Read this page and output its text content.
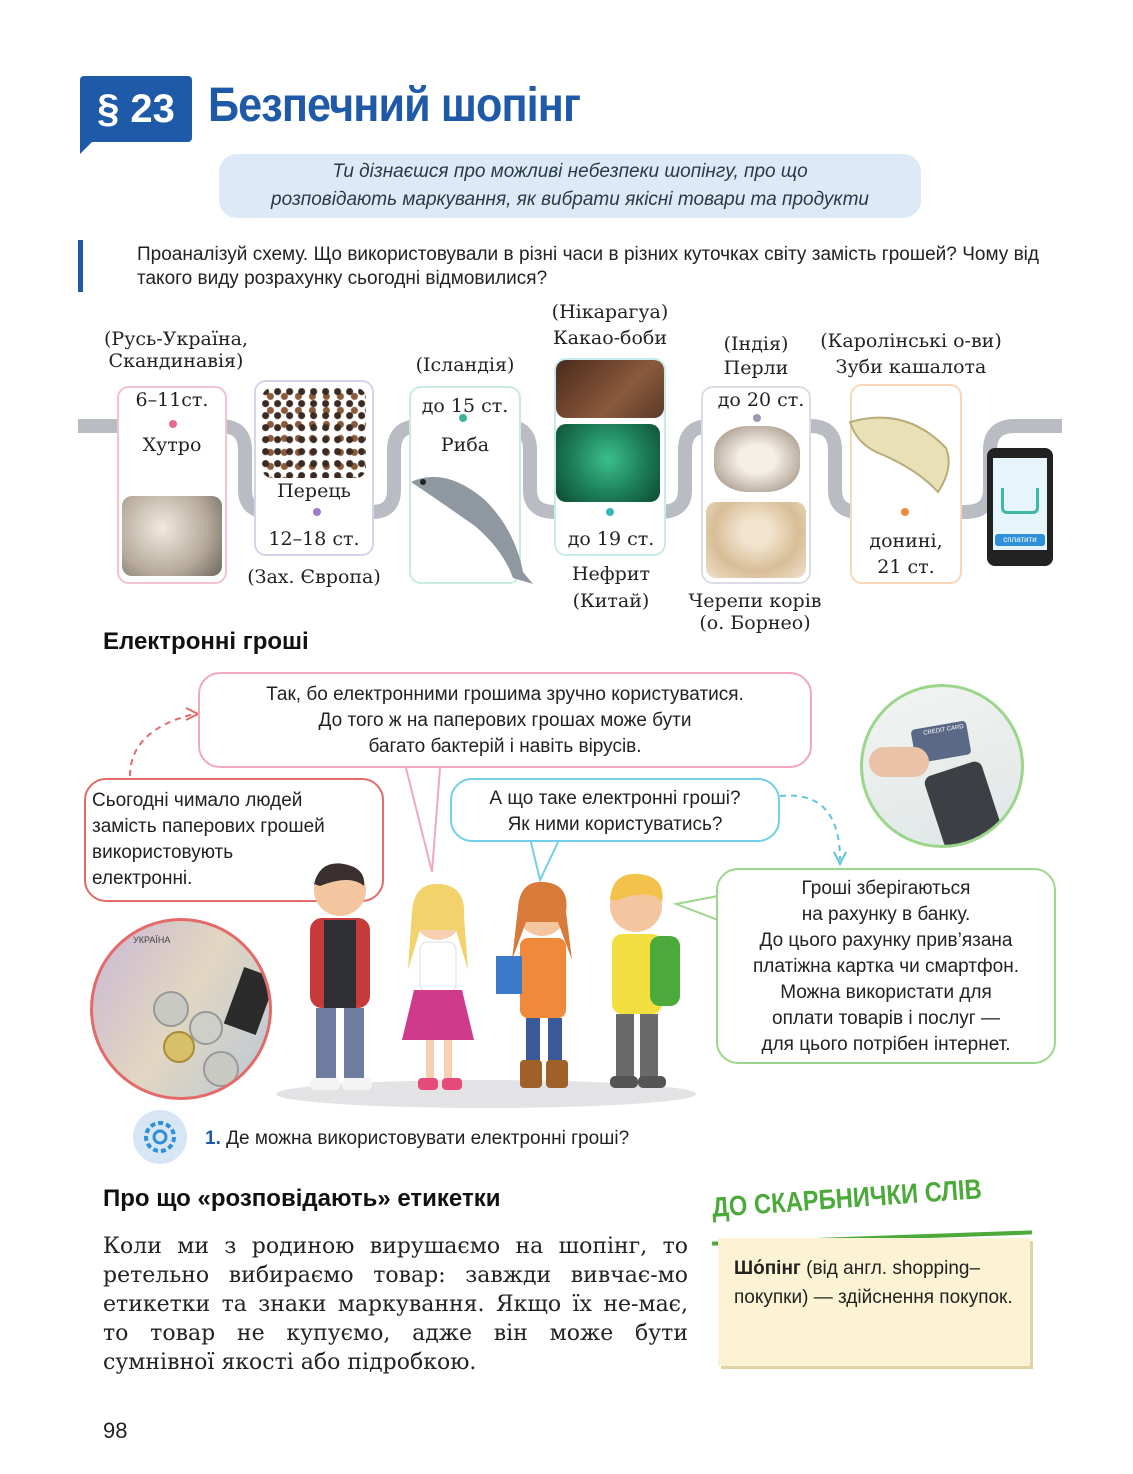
§ 23 Безпечний шопінг
Ти дізнаєшся про можливі небезпеки шопінгу, про що
розповідають маркування, як вибрати якісні товари та продукти
Проаналізуй схему. Що використовували в різні часи в різних куточках світу замість грошей? Чому від такого виду розрахунку сьогодні відмовилися?
сплатити
(Русь-Україна,
Скандинавія)
6–11ст.
Хутро
Перець
12–18 ст.
(Зах. Європа)
(Ісландія)
до 15 ст.
Риба
(Нікарагуа)
Какао-боби
до 19 ст.
Нефрит
(Китай)
(Індія)
Перли
до 20 ст.
Черепи корів
(о. Борнео)
(Каролінські о-ви)
Зуби кашалота
донині,
21 ст.
Електронні гроші
Так, бо електронними грошима зручно користуватися.
До того ж на паперових грошах може бути
багато бактерій і навіть вірусів.
Сьогодні чимало людей
замість паперових грошей
використовують
електронні.
А що таке електронні гроші?
Як ними користуватись?
Гроші зберігаються
на рахунку в банку.
До цього рахунку прив’язана
платіжна картка чи смартфон.
Можна використати для
оплати товарів і послуг —
для цього потрібен інтернет.
CREDIT CARD
УКРАЇНА
1. Де можна використовувати електронні гроші?
Про що «розповідають» етикетки
Коли ми з родиною вирушаємо на шопінг, то ретельно вибираємо товар: завжди вивчає-мо етикетки та знаки маркування. Якщо їх не-має, то товар не купуємо, адже він може бути сумнівної якості або підробкою.
ДО СКАРБНИЧКИ СЛІВ
Шо́пінг (від англ. shopping–покупки) — здійснення покупок.
98
